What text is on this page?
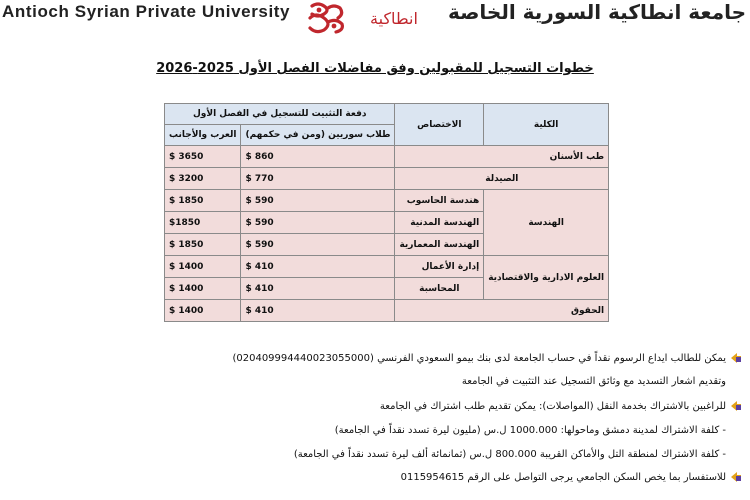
Antioch Syrian Private University	انطاكية جامعة انطاكية السورية الخاصة
خطوات التسجيل للمقبولين وفق مفاضلات الفصل الأول 2025-2026
الكلية	الاختصاص	دفعة التثبيت للتسجيل في الفصل الأول	
		طلاب سوريين (ومن في حكمهم)	العرب والأجانب
طب الأسنان		$ 860	$ 3650
الصيدلة		$ 770	$ 3200
الهندسة	هندسة الحاسوب	$ 590	$ 1850
	الهندسة المدنية	$ 590	$1850
	الهندسة المعمارية	$ 590	$ 1850
العلوم الادارية والاقتصادية	إدارة الأعمال	$ 410	$ 1400
	المحاسبة	$ 410	$ 1400
الحقوق		$ 410	$ 1400
يمكن للطالب ايداع الرسوم نقداً في حساب الجامعة لدى بنك بيمو السعودي الفرنسي (020409994440023055000)
وتقديم اشعار التسديد مع وثائق التسجيل عند التثبيت في الجامعة
للراغبين بالاشتراك بخدمة النقل (المواصلات): يمكن تقديم طلب اشتراك في الجامعة
- كلفة الاشتراك لمدينة دمشق وماحولها: 1000.000 ل.س (مليون ليرة تسدد نقداً في الجامعة)
- كلفة الاشتراك لمنطقة التل والأماكن القريبة 800.000 ل.س (ثمانمائة ألف ليرة تسدد نقداً في الجامعة)
للاستفسار بما يخص السكن الجامعي يرجى التواصل على الرقم 0115954615
